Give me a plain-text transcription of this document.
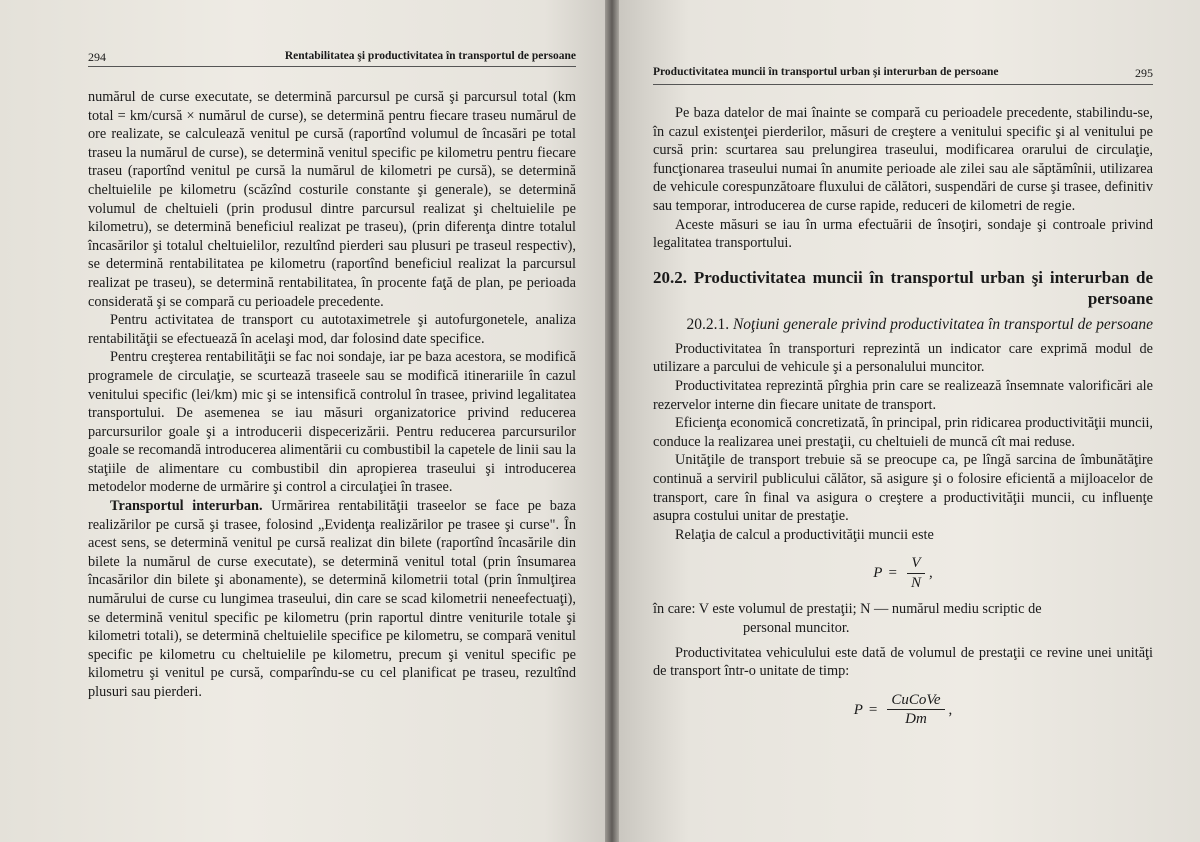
294	Rentabilitatea şi productivitatea în transportul de persoane

numărul de curse executate, se determină parcursul pe cursă şi parcursul total (km total = km/cursă × numărul de curse), se determină pentru fiecare traseu numărul de ore realizate, se calculează venitul pe cursă (raportînd volumul de încasări pe total traseu la numărul de curse), se determină venitul specific pe kilometru pentru fiecare traseu (raportînd venitul pe cursă la numărul de kilometri pe cursă), se determină cheltuielile pe kilometru (scăzînd costurile constante şi generale), se determină volumul de cheltuieli (prin produsul dintre parcursul realizat şi cheltuielile pe kilometru), se determină beneficiul realizat pe traseu), (prin diferenţa dintre totalul încasărilor şi totalul cheltuielilor, rezultînd pierderi sau plusuri pe traseul respectiv), se determină rentabilitatea pe kilometru (raportînd beneficiul realizat la parcursul realizat pe traseu), se determină rentabilitatea, în procente faţă de plan, pe perioada considerată şi se compară cu perioadele precedente.

Pentru activitatea de transport cu autotaximetrele şi autofurgonetele, analiza rentabilităţii se efectuează în acelaşi mod, dar folosind date specifice.

Pentru creşterea rentabilităţii se fac noi sondaje, iar pe baza acestora, se modifică programele de circulaţie, se scurtează traseele sau se modifică itinerariile în cazul venitului specific (lei/km) mic şi se intensifică controlul în trasee, privind legalitatea transportului. De asemenea se iau măsuri organizatorice privind reducerea parcursurilor goale şi a introducerii dispecerizării. Pentru reducerea parcursurilor goale se recomandă introducerea alimentării cu combustibil la capetele de linii sau la staţiile de alimentare cu combustibil din apropierea traseului şi introducerea metodelor moderne de urmărire şi control a circulaţiei în trasee.

Transportul interurban. Urmărirea rentabilităţii traseelor se face pe baza realizărilor pe cursă şi trasee, folosind „Evidenţa realizărilor pe trasee şi curse". În acest sens, se determină venitul pe cursă realizat din bilete (raportînd încasările din bilete la numărul de curse executate), se determină venitul total (prin însumarea încasărilor din bilete şi abonamente), se determină kilometrii total (prin înmulţirea numărului de curse cu lungimea traseului, din care se scad kilometrii neneefectuaţi), se determină venitul specific pe kilometru (prin raportul dintre veniturile totale şi kilometri totali), se determină cheltuielile specifice pe kilometru, se compară venitul specific pe kilometru cu cheltuielile pe kilometru, precum şi venitul specific pe kilometru şi venitul pe cursă, comparîndu-se cu cel planificat pe traseu, rezultînd plusuri sau pierderi.

Productivitatea muncii în transportul urban şi interurban de persoane	295

Pe baza datelor de mai înainte se compară cu perioadele precedente, stabilindu-se, în cazul existenţei pierderilor, măsuri de creştere a venitului specific şi al venitului pe cursă prin: scurtarea sau prelungirea traseului, modificarea orarului de circulaţie, funcţionarea traseului numai în anumite perioade ale zilei sau ale săptămînii, utilizarea de vehicule corespunzătoare fluxului de călători, suspendări de curse şi trasee, definitiv sau temporar, introducerea de curse rapide, reduceri de kilometri de regie.

Aceste măsuri se iau în urma efectuării de însoţiri, sondaje şi controale privind legalitatea transportului.

20.2. Productivitatea muncii în transportul urban şi interurban de persoane
20.2.1. Noţiuni generale privind productivitatea în transportul de persoane

Productivitatea în transporturi reprezintă un indicator care exprimă modul de utilizare a parcului de vehicule şi a personalului muncitor.

Productivitatea reprezintă pîrghia prin care se realizează însemnate valorificări ale rezervelor interne din fiecare unitate de transport.

Eficienţa economică concretizată, în principal, prin ridicarea productivităţii muncii, conduce la realizarea unei prestaţii, cu cheltuieli de muncă cît mai reduse.

Unităţile de transport trebuie să se preocupe ca, pe lîngă sarcina de îmbunătăţire continuă a serviril publicului călător, să asigure şi o folosire eficientă a mijloacelor de transport, care în final va asigura o creştere a productivităţii muncii, cu influenţe asupra costului unitar de prestaţie.

Relaţia de calcul a productivităţii muncii este

$P = \frac{V}{N}$ ,
în care: V este volumul de prestaţii; N — numărul mediu scriptic de
personal muncitor.

Productivitatea vehiculului este dată de volumul de prestaţii ce revine unei unităţi de transport într-o unitate de timp:

$P = \frac{\text{CuCoVe}}{Dm}$ ,
